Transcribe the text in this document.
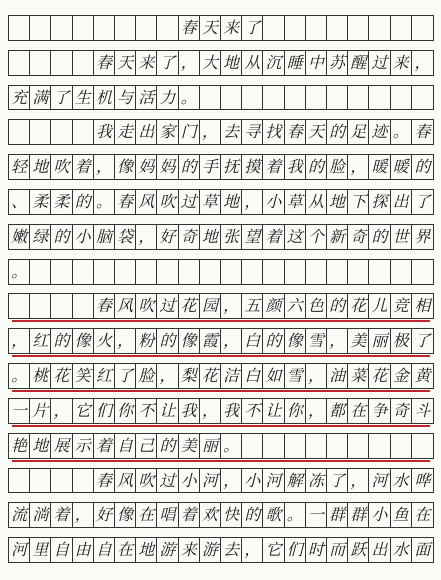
春 天 来 了
春 天 来 了 ， 大 地 从 沉 睡 中 苏 醒 过 来 ，
充 满 了 生 机 与 活 力 。
我 走 出 家 门 ， 去 寻 找 春 天 的 足 迹 。 春
轻 地 吹 着 ， 像 妈 妈 的 手 抚 摸 着 我 的 脸 ， 暖 暖 的
、 柔 柔 的 。 春 风 吹 过 草 地 ， 小 草 从 地 下 探 出 了
嫩 绿 的 小 脑 袋 ， 好 奇 地 张 望 着 这 个 新 奇 的 世 界
。
春 风 吹 过 花 园 ， 五 颜 六 色 的 花 儿 竞 相
， 红 的 像 火 ， 粉 的 像 霞 ， 白 的 像 雪 ， 美 丽 极 了
。 桃 花 笑 红 了 脸 ， 梨 花 洁 白 如 雪 ， 油 菜 花 金 黄
一 片 ， 它 们 你 不 让 我 ， 我 不 让 你 ， 都 在 争 奇 斗
艳 地 展 示 着 自 己 的 美 丽 。
春 风 吹 过 小 河 ， 小 河 解 冻 了 ， 河 水 哗
流 淌 着 ， 好 像 在 唱 着 欢 快 的 歌 。 一 群 群 小 鱼 在
河 里 自 由 自 在 地 游 来 游 去 ， 它 们 时 而 跃 出 水 面
